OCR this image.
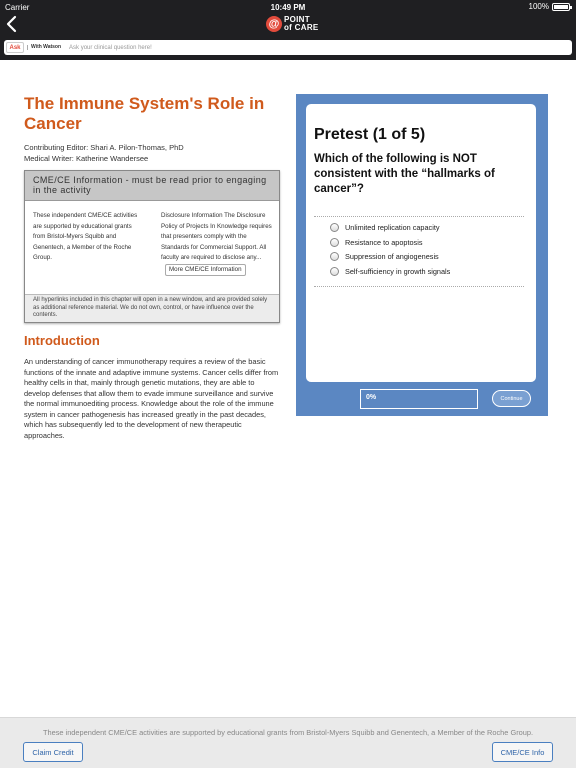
Carrier	10:49 PM	100%
@ POINT
of CARE
Ask	With Watson Ask your clinical question here!
The Immune System's Role in Cancer
Contributing Editor: Shari A. Pilon-Thomas, PhD
Medical Writer: Katherine Wandersee
CME/CE Information - must be read prior to engaging in the activity
These independent CME/CE activities are supported by educational grants from Bristol-Myers Squibb and Genentech, a Member of the Roche Group.
Disclosure Information The Disclosure Policy of Projects In Knowledge requires that presenters comply with the Standards for Commercial Support. All faculty are required to disclose any...More CME/CE Information
All hyperlinks included in this chapter will open in a new window, and are provided solely as additional reference material. We do not own, control, or have influence over the contents.
Introduction

An understanding of cancer immunotherapy requires a review of the basic functions of the innate and adaptive immune systems. Cancer cells differ from healthy cells in that, mainly through genetic mutations, they are able to develop defenses that allow them to evade immune surveillance and survive the normal immunoediting process. Knowledge about the role of the immune system in cancer pathogenesis has increased greatly in the past decades, which has subsequently led to the development of new therapeutic approaches.

Pretest (1 of 5)
Which of the following is NOT consistent with the “hallmarks of cancer”?
Unlimited replication capacity
Resistance to apoptosis
Suppression of angiogenesis
Self-sufficiency in growth signals
0%	Continue
These independent CME/CE activities are supported by educational grants from Bristol-Myers Squibb and Genentech, a Member of the Roche Group.
Claim Credit	CME/CE Info
